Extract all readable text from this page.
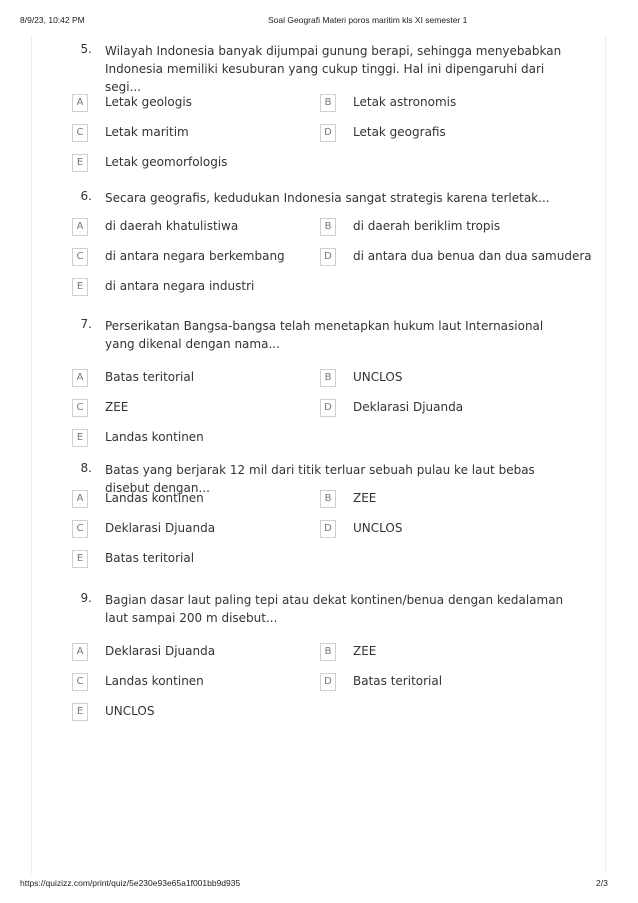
8/9/23, 10:42 PM	Soal Geografi Materi poros maritim kls XI semester 1
5. Wilayah Indonesia banyak dijumpai gunung berapi, sehingga menyebabkan Indonesia memiliki kesuburan yang cukup tinggi. Hal ini dipengaruhi dari segi...
A	Letak geologis	B	Letak astronomis
C	Letak maritim	D	Letak geografis
E	Letak geomorfologis
6. Secara geografis, kedudukan Indonesia sangat strategis karena terletak...
A	di daerah khatulistiwa	B	di daerah beriklim tropis
C	di antara negara berkembang	D	di antara dua benua dan dua samudera
E	di antara negara industri
7. Perserikatan Bangsa-bangsa telah menetapkan hukum laut Internasional yang dikenal dengan nama...
A	Batas teritorial	B	UNCLOS
C	ZEE	D	Deklarasi Djuanda
E	Landas kontinen
8. Batas yang berjarak 12 mil dari titik terluar sebuah pulau ke laut bebas disebut dengan...
A	Landas kontinen	B	ZEE
C	Deklarasi Djuanda	D	UNCLOS
E	Batas teritorial
9. Bagian dasar laut paling tepi atau dekat kontinen/benua dengan kedalaman laut sampai 200 m disebut...
A	Deklarasi Djuanda	B	ZEE
C	Landas kontinen	D	Batas teritorial
E	UNCLOS
https://quizizz.com/print/quiz/5e230e93e65a1f001bb9d935	2/3
